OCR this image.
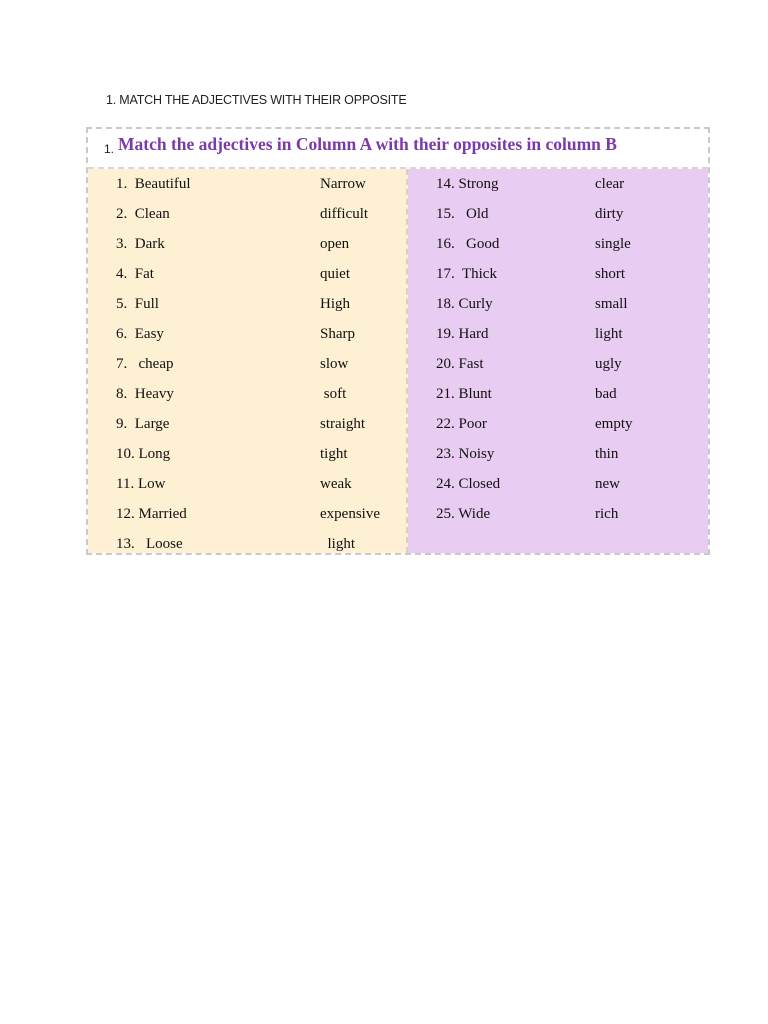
1. MATCH THE ADJECTIVES WITH THEIR OPPOSITE
1. Match the adjectives in Column A with their opposites in column B
1.  Beautiful	Narrow
2.  Clean	difficult
3.  Dark	open
4.  Fat	quiet
5.  Full	High
6.  Easy	Sharp
7.   cheap	slow
8.  Heavy	soft
9.  Large	straight
10. Long	tight
11. Low	weak
12. Married	expensive
13.   Loose	light
14. Strong	clear
15.   Old	dirty
16.   Good	single
17.  Thick	short
18. Curly	small
19. Hard	light
20. Fast	ugly
21. Blunt	bad
22. Poor	empty
23. Noisy	thin
24. Closed	new
25. Wide	rich
